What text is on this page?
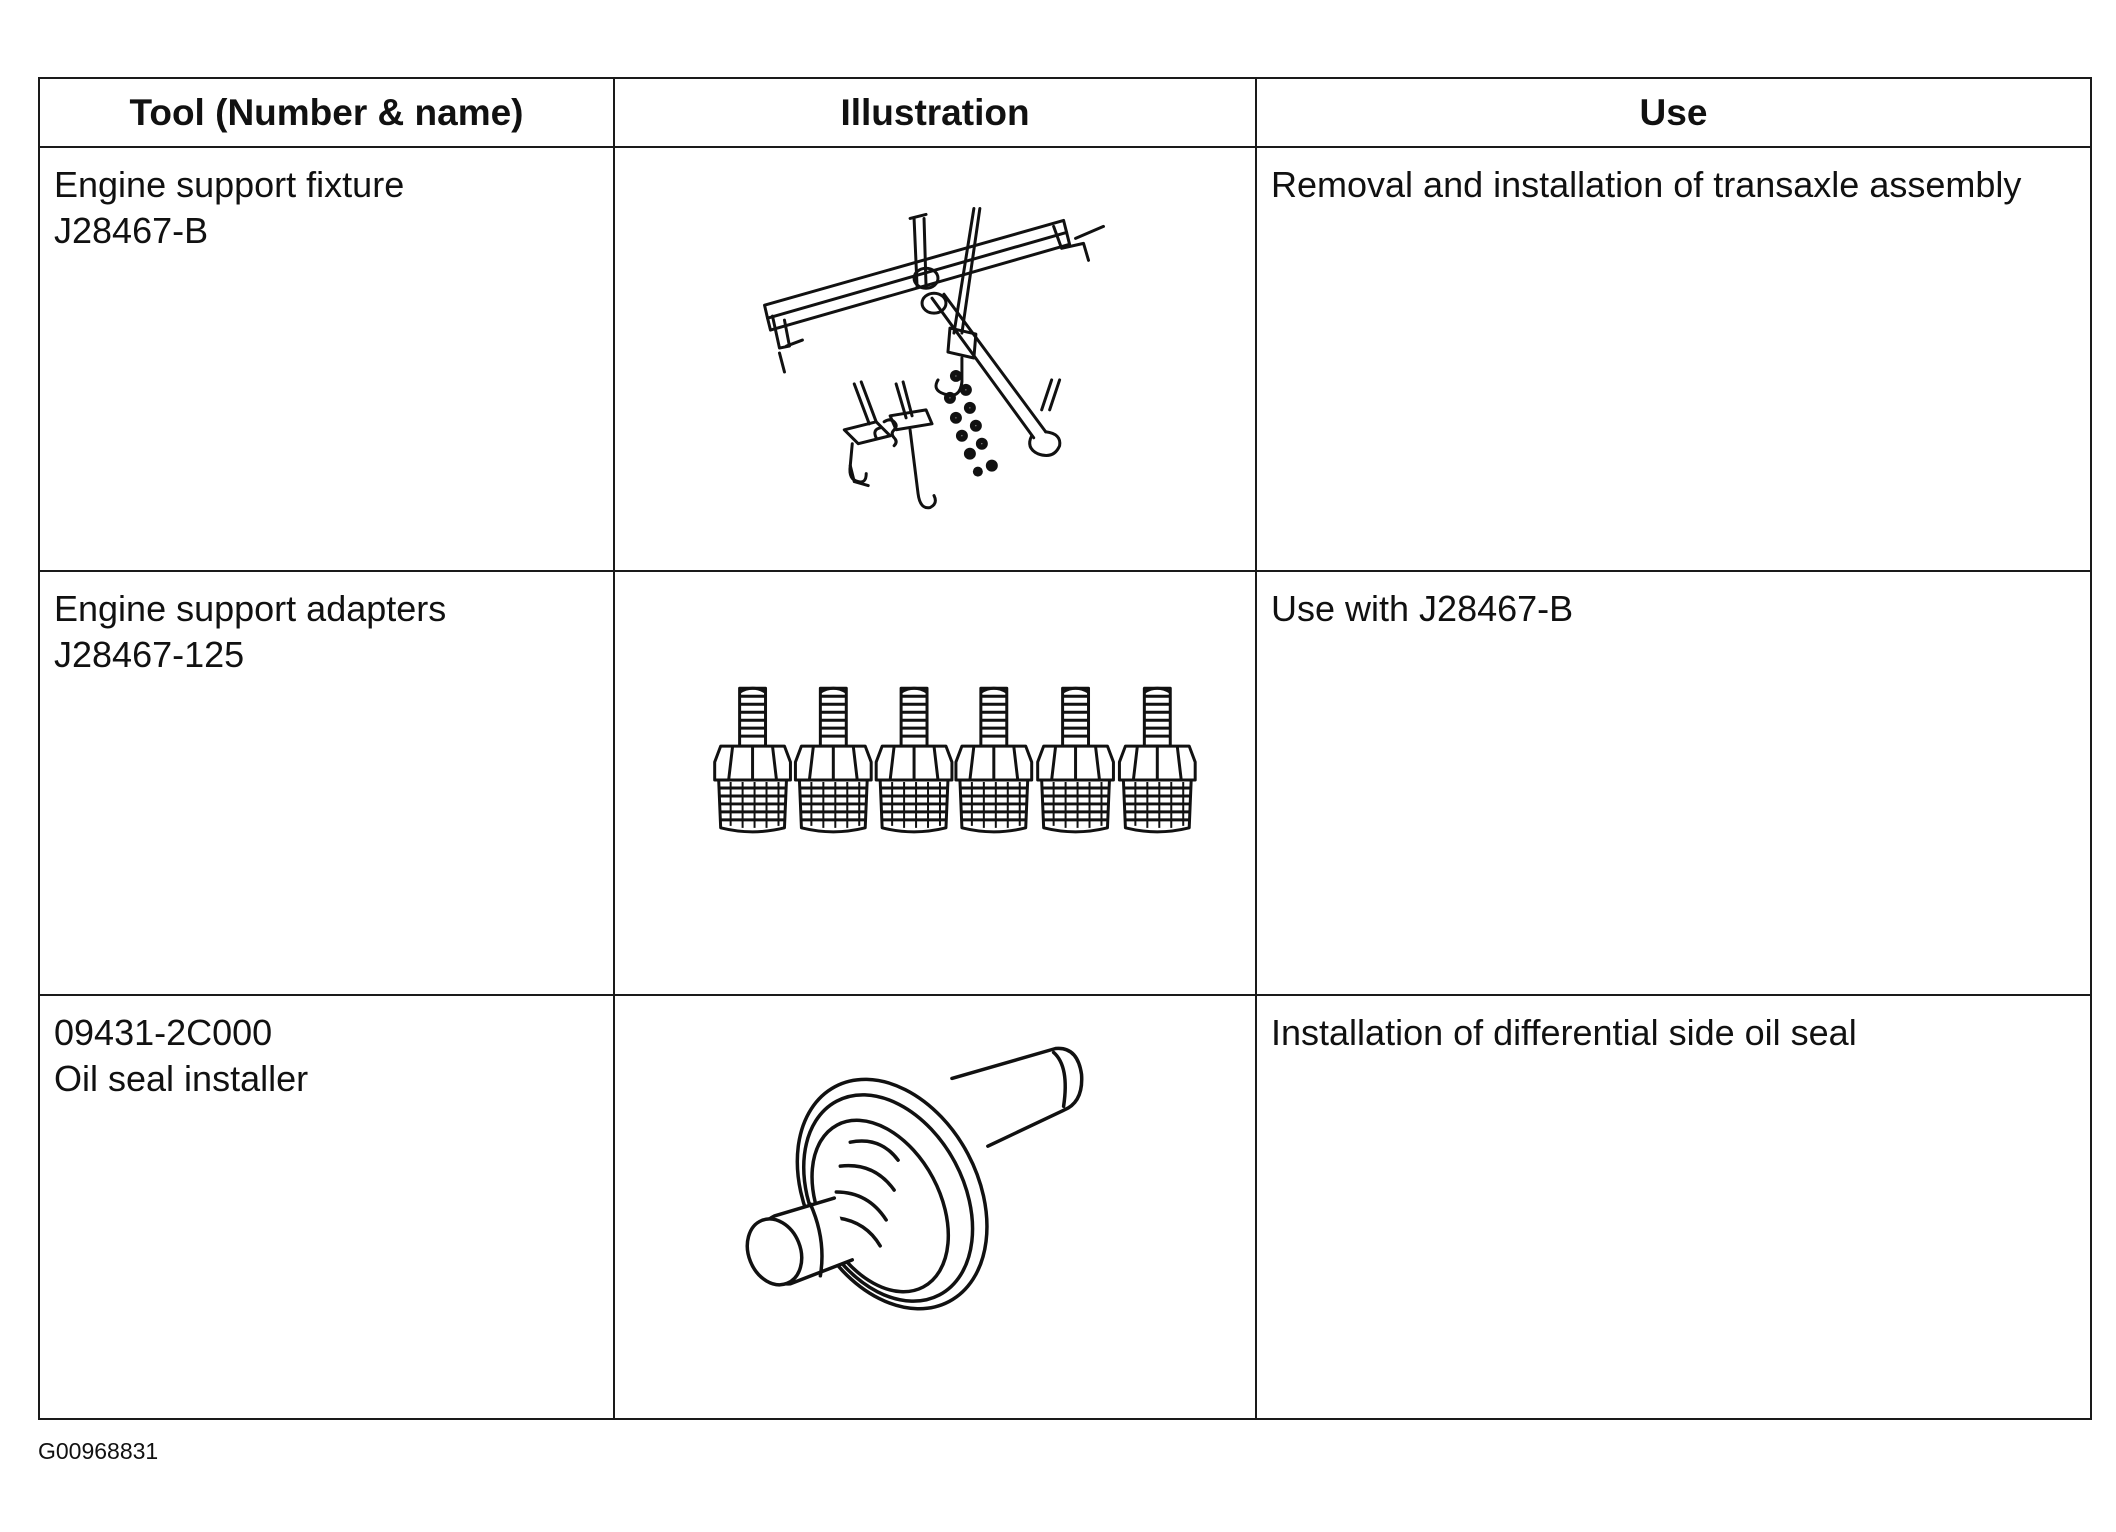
Tool (Number & name)	Illustration	Use

Engine support fixture
J28467-B		Removal and installation of transaxle assembly

Engine support adapters
J28467-125		Use with J28467-B

09431-2C000
Oil seal installer		Installation of differential side oil seal
G00968831
